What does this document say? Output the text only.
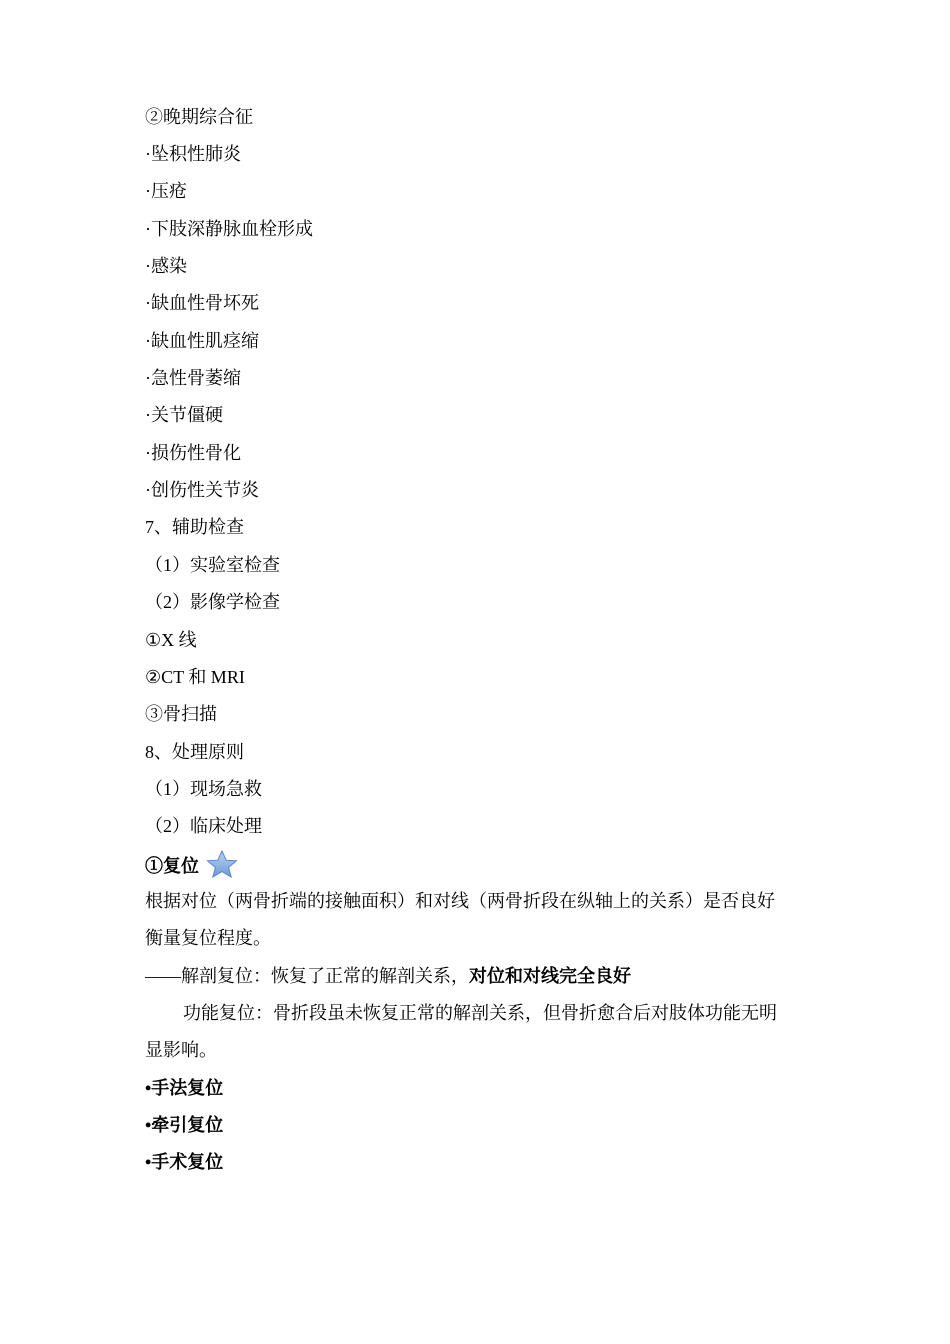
②晚期综合征
·坠积性肺炎
·压疮
·下肢深静脉血栓形成
·感染
·缺血性骨坏死
·缺血性肌痉缩
·急性骨萎缩
·关节僵硬
·损伤性骨化
·创伤性关节炎
7、辅助检查
（1）实验室检查
（2）影像学检查
①X 线
②CT 和 MRI
③骨扫描
8、处理原则
（1）现场急救
（2）临床处理
①复位
根据对位（两骨折端的接触面积）和对线（两骨折段在纵轴上的关系）是否良好
衡量复位程度。
——解剖复位：恢复了正常的解剖关系，对位和对线完全良好
功能复位：骨折段虽未恢复正常的解剖关系，但骨折愈合后对肢体功能无明
显影响。
•手法复位
•牵引复位
•手术复位
